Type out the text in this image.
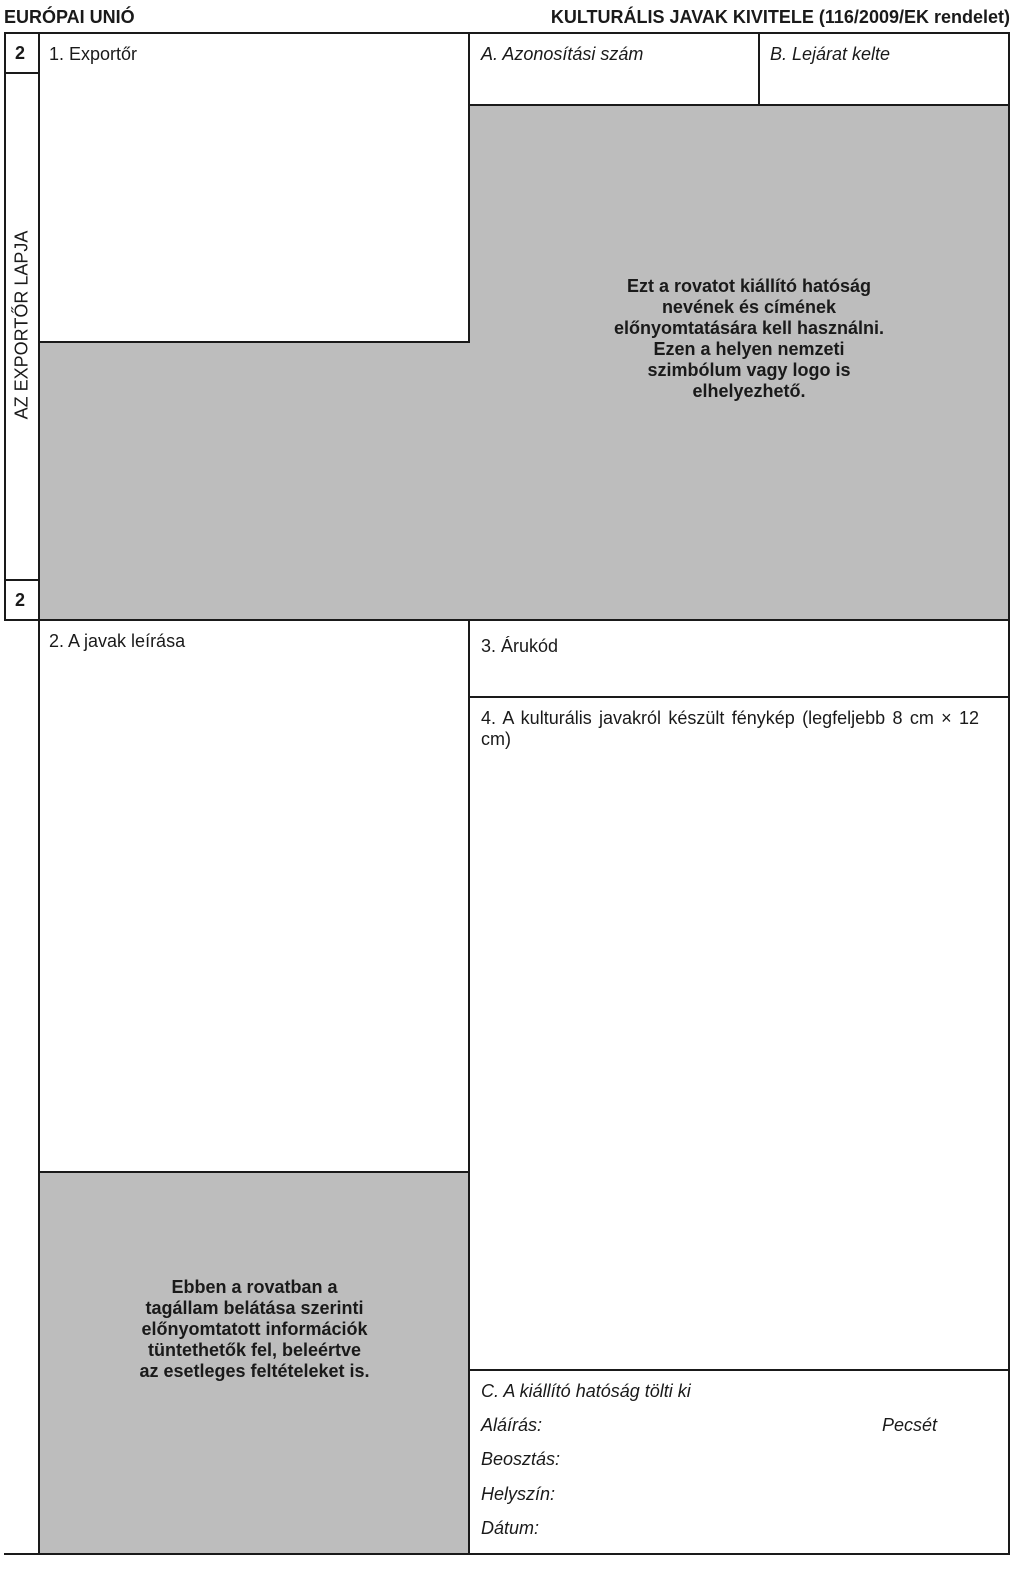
EURÓPAI UNIÓ	KULTURÁLIS JAVAK KIVITELE (116/2009/EK rendelet)
2
2
AZ EXPORTŐR LAPJA
1. Exportőr	A. Azonosítási szám	B. Lejárat kelte
Ezt a rovatot kiállító hatóság
nevének és címének
előnyomtatására kell használni.
Ezen a helyen nemzeti
szimbólum vagy logo is
elhelyezhető.
2. A javak leírása	3. Árukód
4. A kulturális javakról készült fénykép (legfeljebb 8 cm × 12 cm)
Ebben a rovatban a
tagállam belátása szerinti
előnyomtatott információk
tüntethetők fel, beleértve
az esetleges feltételeket is.
C. A kiállító hatóság tölti ki
Aláírás:	Pecsét
Beosztás:
Helyszín:
Dátum:
